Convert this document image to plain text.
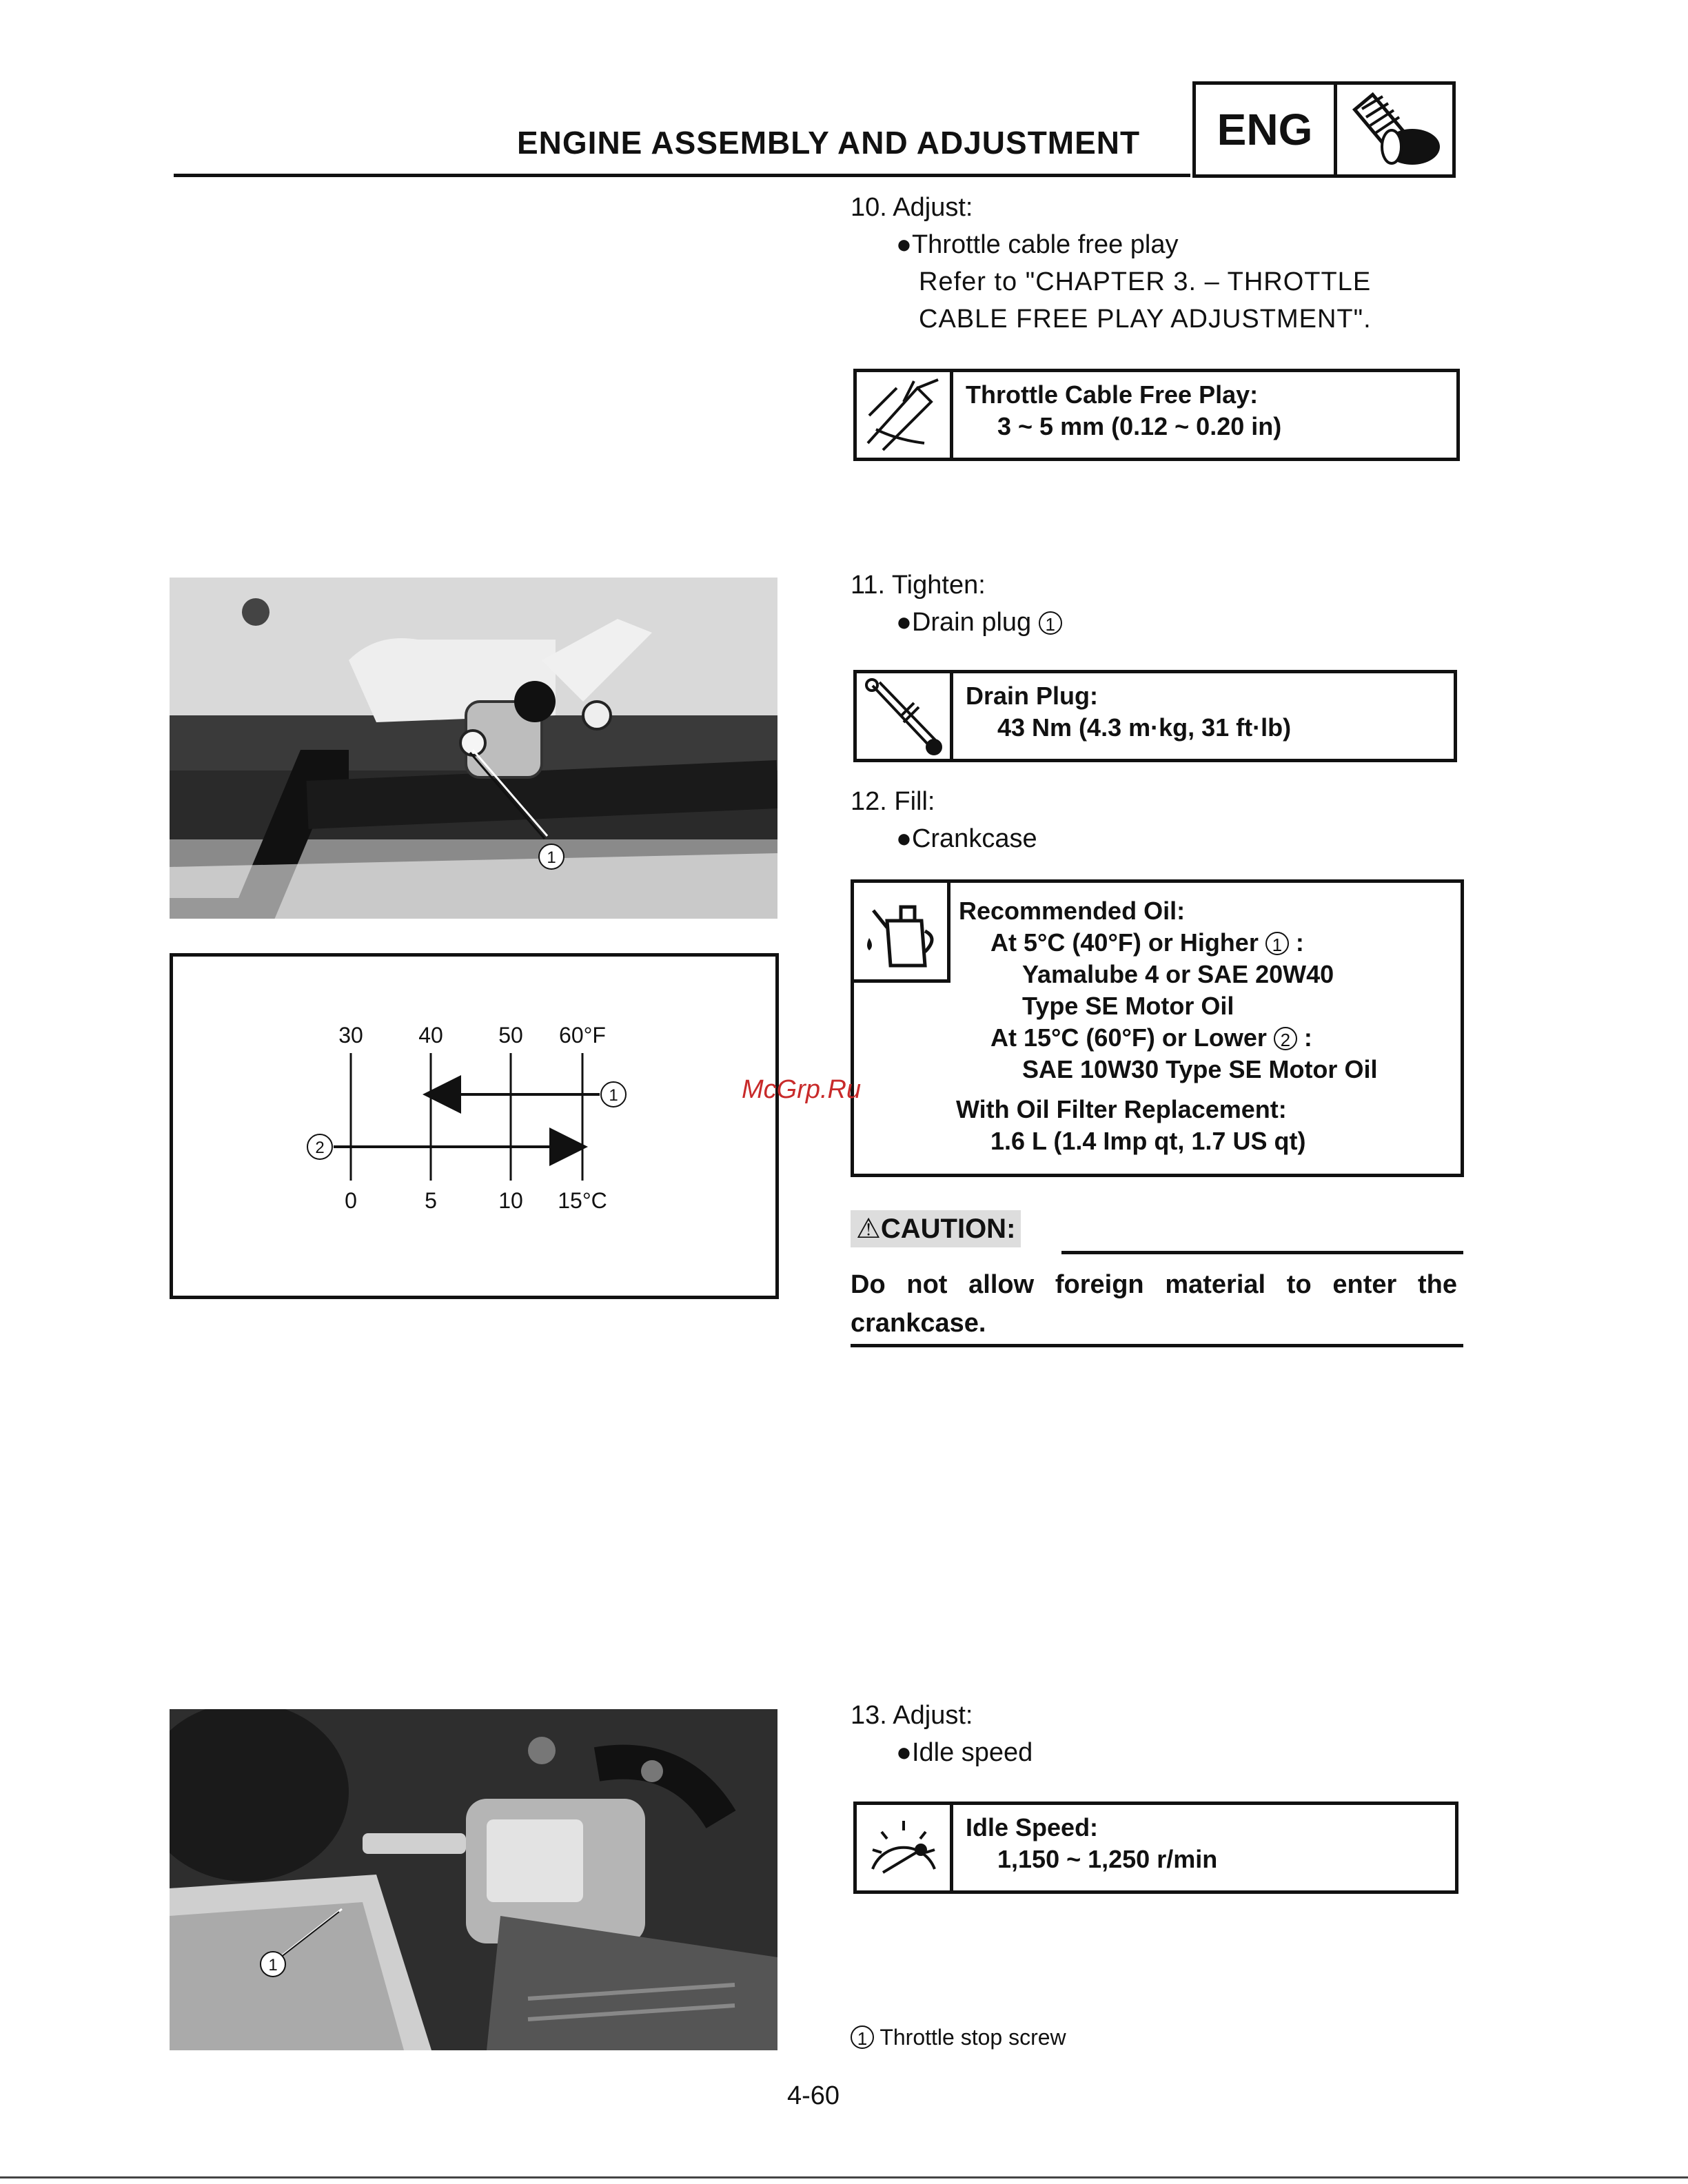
ENGINE ASSEMBLY AND ADJUSTMENT	ENG
10. Adjust:
●Throttle cable free play
Refer to "CHAPTER 3. – THROTTLE
CABLE FREE PLAY ADJUSTMENT".
Throttle Cable Free Play:
3 ~ 5 mm (0.12 ~ 0.20 in)
1
11. Tighten:
●Drain plug 1
Drain Plug:
43 Nm (4.3 m·kg, 31 ft·lb)
12. Fill:
●Crankcase
Recommended Oil:
At 5°C (40°F) or Higher 1 :
Yamalube 4 or SAE 20W40
Type SE Motor Oil
At 15°C (60°F) or Lower 2 :
SAE 10W30 Type SE Motor Oil
With Oil Filter Replacement:
1.6 L (1.4 Imp qt, 1.7 US qt)
30	40	50 60°F
0	5	10 15°C
1
2
McGrp.Ru
⚠CAUTION:
Do not allow foreign material to enter the crankcase.
1
13. Adjust:
●Idle speed
Idle Speed:
1,150 ~ 1,250 r/min
1 Throttle stop screw
4-60
